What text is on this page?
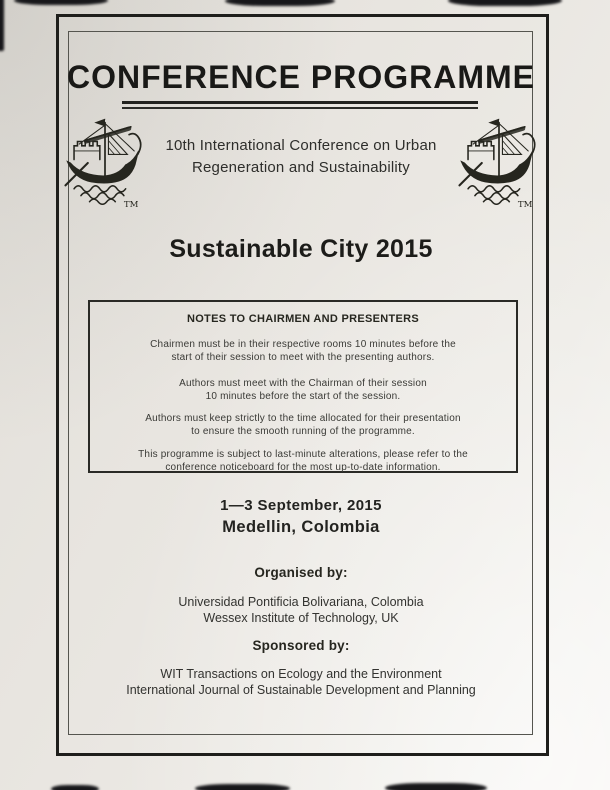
CONFERENCE PROGRAMME
TM	TM
10th International Conference on Urban
Regeneration and Sustainability
Sustainable City 2015
NOTES TO CHAIRMEN AND PRESENTERS
Chairmen must be in their respective rooms 10 minutes before the
start of their session to meet with the presenting authors.
Authors must meet with the Chairman of their session
10 minutes before the start of the session.
Authors must keep strictly to the time allocated for their presentation
to ensure the smooth running of the programme.
This programme is subject to last-minute alterations, please refer to the
conference noticeboard for the most up-to-date information.
1—3 September, 2015
Medellin, Colombia
Organised by:
Universidad Pontificia Bolivariana, Colombia
Wessex Institute of Technology, UK
Sponsored by:
WIT Transactions on Ecology and the Environment
International Journal of Sustainable Development and Planning
